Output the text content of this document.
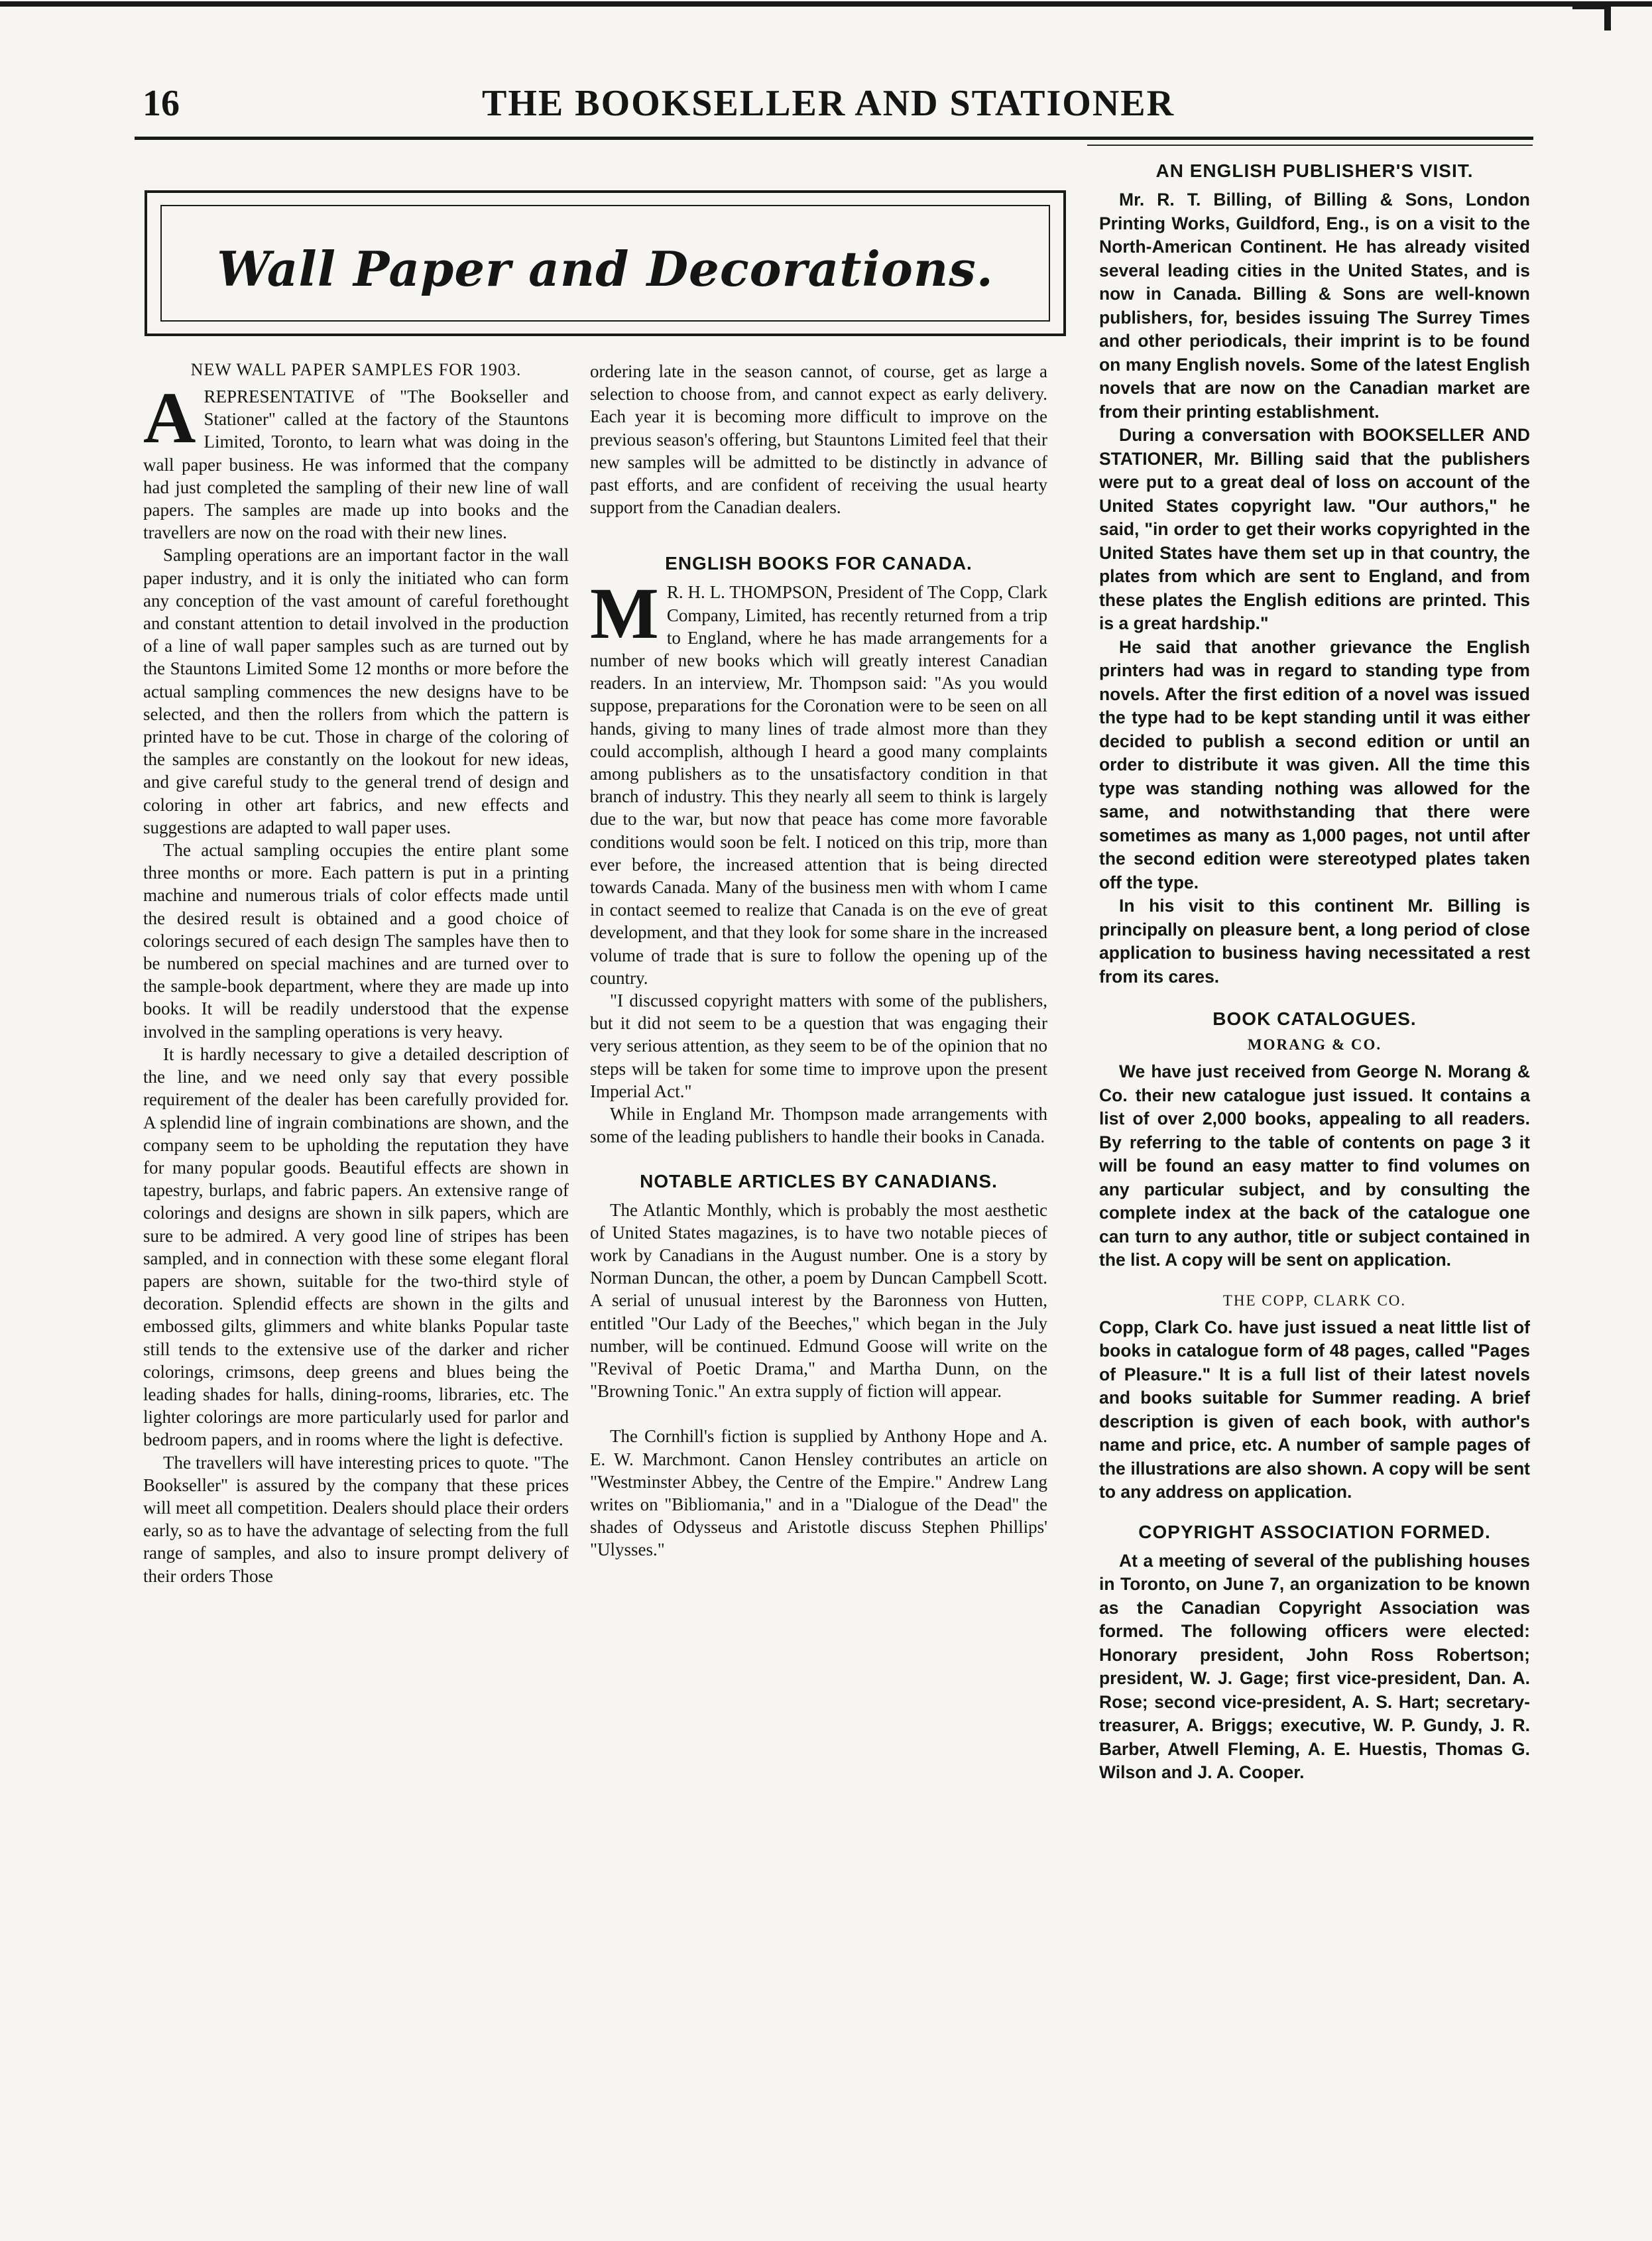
16	THE BOOKSELLER AND STATIONER
Wall Paper and Decorations.
NEW WALL PAPER SAMPLES FOR 1903.

AREPRESENTATIVE of "The Bookseller and Stationer" called at the factory of the Stauntons Limited, Toronto, to learn what was doing in the wall paper business. He was informed that the company had just completed the sampling of their new line of wall papers. The samples are made up into books and the travellers are now on the road with their new lines.

Sampling operations are an important factor in the wall paper industry, and it is only the initiated who can form any conception of the vast amount of careful forethought and constant attention to detail involved in the production of a line of wall paper samples such as are turned out by the Stauntons Limited Some 12 months or more before the actual sampling commences the new designs have to be selected, and then the rollers from which the pattern is printed have to be cut. Those in charge of the coloring of the samples are constantly on the lookout for new ideas, and give careful study to the general trend of design and coloring in other art fabrics, and new effects and suggestions are adapted to wall paper uses.

The actual sampling occupies the entire plant some three months or more. Each pattern is put in a printing machine and numerous trials of color effects made until the desired result is obtained and a good choice of colorings secured of each design The samples have then to be numbered on special machines and are turned over to the sample-book department, where they are made up into books. It will be readily understood that the expense involved in the sampling operations is very heavy.

It is hardly necessary to give a detailed description of the line, and we need only say that every possible requirement of the dealer has been carefully provided for. A splendid line of ingrain combinations are shown, and the company seem to be upholding the reputation they have for many popular goods. Beautiful effects are shown in tapestry, burlaps, and fabric papers. An extensive range of colorings and designs are shown in silk papers, which are sure to be admired. A very good line of stripes has been sampled, and in connection with these some elegant floral papers are shown, suitable for the two-third style of decoration. Splendid effects are shown in the gilts and embossed gilts, glimmers and white blanks Popular taste still tends to the extensive use of the darker and richer colorings, crimsons, deep greens and blues being the leading shades for halls, dining-rooms, libraries, etc. The lighter colorings are more particularly used for parlor and bedroom papers, and in rooms where the light is defective.

The travellers will have interesting prices to quote. "The Bookseller" is assured by the company that these prices will meet all competition. Dealers should place their orders early, so as to have the advantage of selecting from the full range of samples, and also to insure prompt delivery of their orders Those

ordering late in the season cannot, of course, get as large a selection to choose from, and cannot expect as early delivery. Each year it is becoming more difficult to improve on the previous season's offering, but Stauntons Limited feel that their new samples will be admitted to be distinctly in advance of past efforts, and are confident of receiving the usual hearty support from the Canadian dealers.

ENGLISH BOOKS FOR CANADA.

M R. H. L. THOMPSON, President of The Copp, Clark Company, Limited, has recently returned from a trip to England, where he has made arrangements for a number of new books which will greatly interest Canadian readers. In an interview, Mr. Thompson said: "As you would suppose, preparations for the Coronation were to be seen on all hands, giving to many lines of trade almost more than they could accomplish, although I heard a good many complaints among publishers as to the unsatisfactory condition in that branch of industry. This they nearly all seem to think is largely due to the war, but now that peace has come more favorable conditions would soon be felt. I noticed on this trip, more than ever before, the increased attention that is being directed towards Canada. Many of the business men with whom I came in contact seemed to realize that Canada is on the eve of great development, and that they look for some share in the increased volume of trade that is sure to follow the opening up of the country.

"I discussed copyright matters with some of the publishers, but it did not seem to be a question that was engaging their very serious attention, as they seem to be of the opinion that no steps will be taken for some time to improve upon the present Imperial Act."

While in England Mr. Thompson made arrangements with some of the leading publishers to handle their books in Canada.

NOTABLE ARTICLES BY CANADIANS.

The Atlantic Monthly, which is probably the most aesthetic of United States magazines, is to have two notable pieces of work by Canadians in the August number. One is a story by Norman Duncan, the other, a poem by Duncan Campbell Scott. A serial of unusual interest by the Baronness von Hutten, entitled "Our Lady of the Beeches," which began in the July number, will be continued. Edmund Goose will write on the "Revival of Poetic Drama," and Martha Dunn, on the "Browning Tonic." An extra supply of fiction will appear.

The Cornhill's fiction is supplied by Anthony Hope and A. E. W. Marchmont. Canon Hensley contributes an article on "Westminster Abbey, the Centre of the Empire." Andrew Lang writes on "Bibliomania," and in a "Dialogue of the Dead" the shades of Odysseus and Aristotle discuss Stephen Phillips' "Ulysses."

AN ENGLISH PUBLISHER'S VISIT.

Mr. R. T. Billing, of Billing & Sons, London Printing Works, Guildford, Eng., is on a visit to the North-American Continent. He has already visited several leading cities in the United States, and is now in Canada. Billing & Sons are well-known publishers, for, besides issuing The Surrey Times and other periodicals, their imprint is to be found on many English novels. Some of the latest English novels that are now on the Canadian market are from their printing establishment.

During a conversation with BOOKSELLER AND STATIONER, Mr. Billing said that the publishers were put to a great deal of loss on account of the United States copyright law. "Our authors," he said, "in order to get their works copyrighted in the United States have them set up in that country, the plates from which are sent to England, and from these plates the English editions are printed. This is a great hardship."

He said that another grievance the English printers had was in regard to standing type from novels. After the first edition of a novel was issued the type had to be kept standing until it was either decided to publish a second edition or until an order to distribute it was given. All the time this type was standing nothing was allowed for the same, and notwithstanding that there were sometimes as many as 1,000 pages, not until after the second edition were stereotyped plates taken off the type.

In his visit to this continent Mr. Billing is principally on pleasure bent, a long period of close application to business having necessitated a rest from its cares.

BOOK CATALOGUES.
MORANG & CO.

We have just received from George N. Morang & Co. their new catalogue just issued. It contains a list of over 2,000 books, appealing to all readers. By referring to the table of contents on page 3 it will be found an easy matter to find volumes on any particular subject, and by consulting the complete index at the back of the catalogue one can turn to any author, title or subject contained in the list. A copy will be sent on application.

THE COPP, CLARK CO.

Copp, Clark Co. have just issued a neat little list of books in catalogue form of 48 pages, called "Pages of Pleasure." It is a full list of their latest novels and books suitable for Summer reading. A brief description is given of each book, with author's name and price, etc. A number of sample pages of the illustrations are also shown. A copy will be sent to any address on application.

COPYRIGHT ASSOCIATION FORMED.

At a meeting of several of the publishing houses in Toronto, on June 7, an organization to be known as the Canadian Copyright Association was formed. The following officers were elected: Honorary president, John Ross Robertson; president, W. J. Gage; first vice-president, Dan. A. Rose; second vice-president, A. S. Hart; secretary-treasurer, A. Briggs; executive, W. P. Gundy, J. R. Barber, Atwell Fleming, A. E. Huestis, Thomas G. Wilson and J. A. Cooper.
